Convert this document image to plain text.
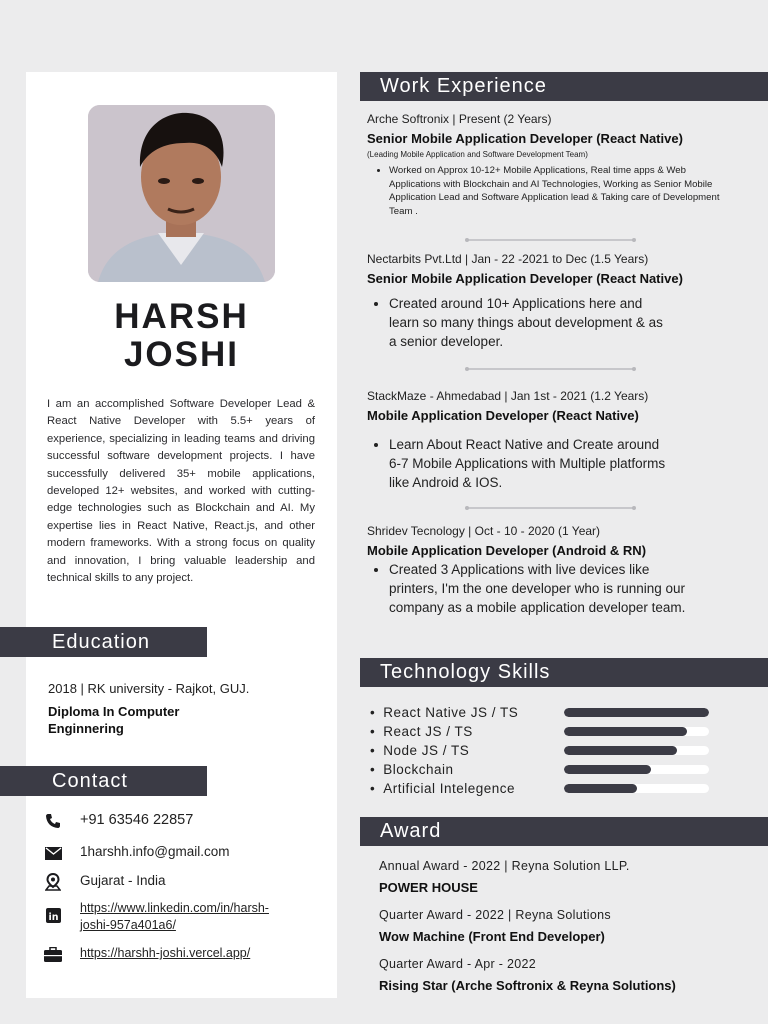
HARSH
JOSHI

I am an accomplished Software Developer Lead & React Native Developer with 5.5+ years of experience, specializing in leading teams and driving successful software development projects. I have successfully delivered 35+ mobile applications, developed 12+ websites, and worked with cutting-edge technologies such as Blockchain and AI. My expertise lies in React Native, React.js, and other modern frameworks. With a strong focus on quality and innovation, I bring valuable leadership and technical skills to any project.

Education
2018 | RK university - Rajkot, GUJ.
Diploma In Computer
Enginnering
Contact
+91 63546 22857
1harshh.info@gmail.com
Gujarat - India
in
https://www.linkedin.com/in/harsh-
joshi-957a401a6/
https://harshh-joshi.vercel.app/
Work Experience
Arche Softronix | Present (2 Years)
Senior Mobile Application Developer (React Native)
(Leading Mobile Application and Software Development Team)
• Worked on Approx 10-12+ Mobile Applications, Real time apps & Web Applications with Blockchain and AI Technologies, Working as Senior Mobile Application Lead and Software Application lead & Taking care of Development Team .
Nectarbits Pvt.Ltd | Jan - 22 -2021 to Dec (1.5 Years)
Senior Mobile Application Developer (React Native)
• Created around 10+ Applications here and learn so many things about development & as a senior developer.
StackMaze - Ahmedabad | Jan 1st - 2021 (1.2 Years)
Mobile Application Developer (React Native)
• Learn About React Native and Create around 6-7 Mobile Applications with Multiple platforms like Android & IOS.
Shridev Tecnology | Oct - 10 - 2020 (1 Year)
Mobile Application Developer (Android & RN)
• Created 3 Applications with live devices like printers, I'm the one developer who is running our company as a mobile application developer team.
Technology Skills
• React Native JS / TS
• React JS / TS
• Node JS / TS
• Blockchain
• Artificial Intelegence
Award
Annual Award - 2022 | Reyna Solution LLP.
POWER HOUSE
Quarter Award - 2022 | Reyna Solutions
Wow Machine (Front End Developer)
Quarter Award - Apr - 2022
Rising Star (Arche Softronix & Reyna Solutions)
